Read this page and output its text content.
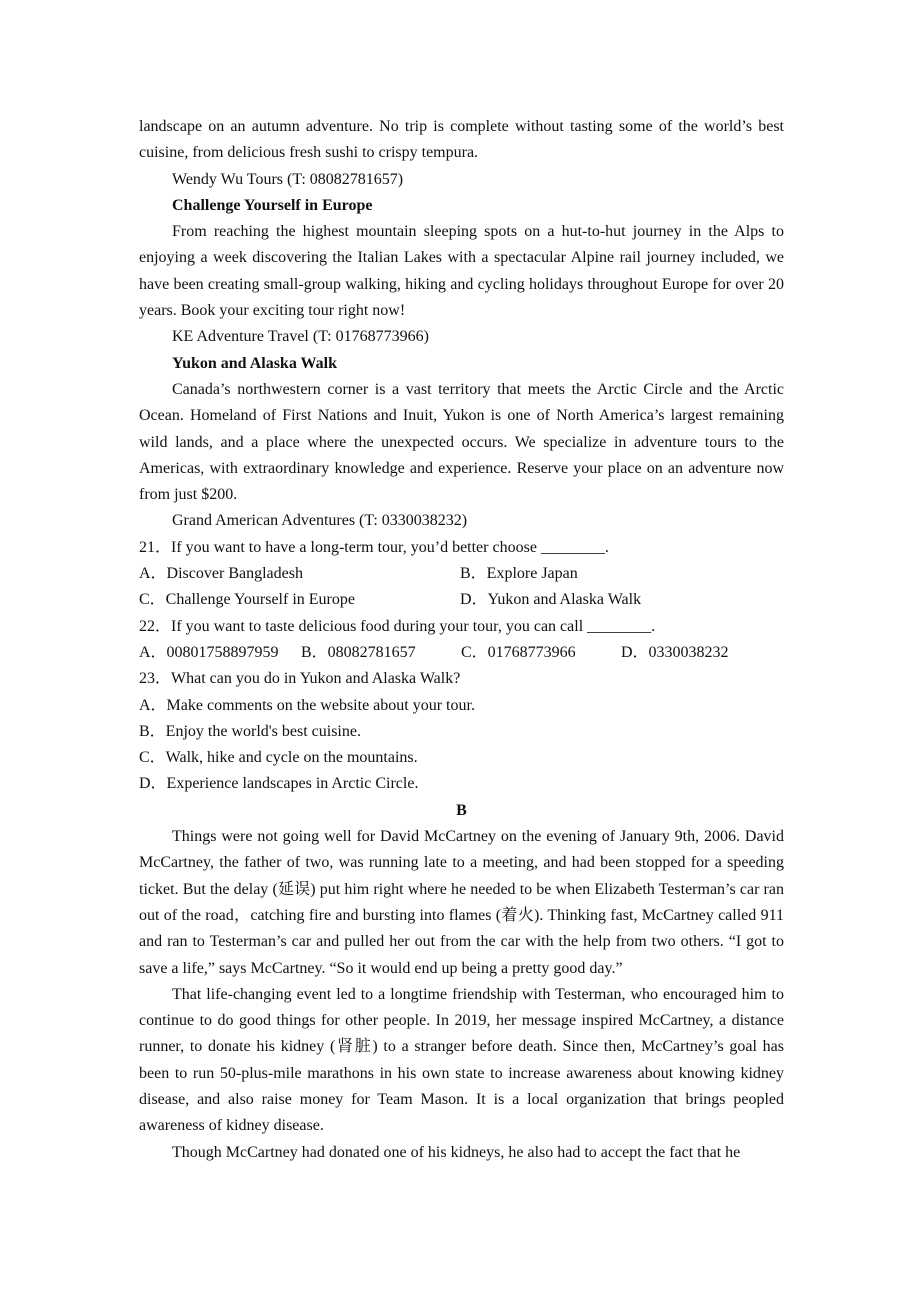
landscape on an autumn adventure. No trip is complete without tasting some of the world’s best cuisine, from delicious fresh sushi to crispy tempura.

Wendy Wu Tours (T: 08082781657)

Challenge Yourself in Europe

From reaching the highest mountain sleeping spots on a hut-to-hut journey in the Alps to enjoying a week discovering the Italian Lakes with a spectacular Alpine rail journey included, we have been creating small-group walking, hiking and cycling holidays throughout Europe for over 20 years. Book your exciting tour right now!

KE Adventure Travel (T: 01768773966)

Yukon and Alaska Walk

Canada’s northwestern corner is a vast territory that meets the Arctic Circle and the Arctic Ocean. Homeland of First Nations and Inuit, Yukon is one of North America’s largest remaining wild lands, and a place where the unexpected occurs. We specialize in adventure tours to the Americas, with extraordinary knowledge and experience. Reserve your place on an adventure now from just $200.

Grand American Adventures (T: 0330038232)

21．If you want to have a long-term tour, you’d better choose ________.

A．Discover Bangladesh	B．Explore Japan
C．Challenge Yourself in Europe	D．Yukon and Alaska Walk

22．If you want to taste delicious food during your tour, you can call ________.

A．00801758897959	B．08082781657	C．01768773966	D．0330038232

23．What can you do in Yukon and Alaska Walk?

A．Make comments on the website about your tour.

B．Enjoy the world's best cuisine.

C．Walk, hike and cycle on the mountains.

D．Experience landscapes in Arctic Circle.

B

Things were not going well for David McCartney on the evening of January 9th, 2006. David McCartney, the father of two, was running late to a meeting, and had been stopped for a speeding ticket. But the delay (延误) put him right where he needed to be when Elizabeth Testerman’s car ran out of the road，catching fire and bursting into flames (着火). Thinking fast, McCartney called 911 and ran to Testerman’s car and pulled her out from the car with the help from two others. “I got to save a life,” says McCartney. “So it would end up being a pretty good day.”

That life-changing event led to a longtime friendship with Testerman, who encouraged him to continue to do good things for other people. In 2019, her message inspired McCartney, a distance runner, to donate his kidney (肾脏) to a stranger before death. Since then, McCartney’s goal has been to run 50-plus-mile marathons in his own state to increase awareness about knowing kidney disease, and also raise money for Team Mason. It is a local organization that brings peopled awareness of kidney disease.

Though McCartney had donated one of his kidneys, he also had to accept the fact that he
